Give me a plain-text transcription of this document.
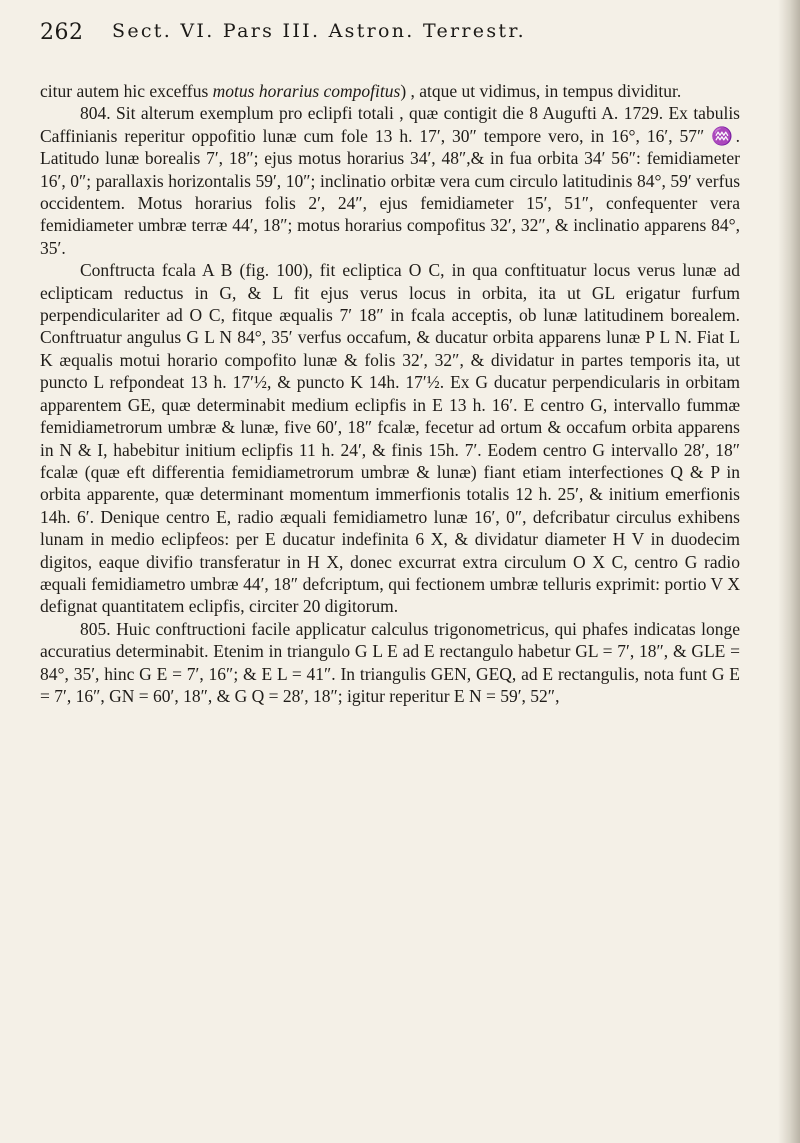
262 Sect. VI. Pars III. Astron. Terrestr.

citur autem hic exceffus motus horarius compofitus) , atque ut vidimus, in tempus dividitur.

804. Sit alterum exemplum pro eclipfi totali , quæ contigit die 8 Augufti A. 1729. Ex tabulis Caffinianis reperitur oppofitio lunæ cum fole 13 h. 17′, 30″ tempore vero, in 16°, 16′, 57″ ♒. Latitudo lunæ borealis 7′, 18″; ejus motus horarius 34′, 48″,& in fua orbita 34′ 56″: femidiameter 16′, 0″; parallaxis horizontalis 59′, 10″; inclinatio orbitæ vera cum circulo latitudinis 84°, 59′ verfus occidentem. Motus horarius folis 2′, 24″, ejus femidiameter 15′, 51″, confequenter vera femidiameter umbræ terræ 44′, 18″; motus horarius compofitus 32′, 32″, & inclinatio apparens 84°, 35′.

Conftructa fcala A B (fig. 100), fit ecliptica O C, in qua conftituatur locus verus lunæ ad eclipticam reductus in G, & L fit ejus verus locus in orbita, ita ut GL erigatur furfum perpendiculariter ad O C, fitque æqualis 7′ 18″ in fcala acceptis, ob lunæ latitudinem borealem. Conftruatur angulus G L N 84°, 35′ verfus occafum, & ducatur orbita apparens lunæ P L N. Fiat L K æqualis motui horario compofito lunæ & folis 32′, 32″, & dividatur in partes temporis ita, ut puncto L refpondeat 13 h. 17′½, & puncto K 14h. 17′½. Ex G ducatur perpendicularis in orbitam apparentem GE, quæ determinabit medium eclipfis in E 13 h. 16′. E centro G, intervallo fummæ femidiametrorum umbræ & lunæ, five 60′, 18″ fcalæ, fecetur ad ortum & occafum orbita apparens in N & I, habebitur initium eclipfis 11 h. 24′, & finis 15h. 7′. Eodem centro G intervallo 28′, 18″ fcalæ (quæ eft differentia femidiametrorum umbræ & lunæ) fiant etiam interfectiones Q & P in orbita apparente, quæ determinant momentum immerfionis totalis 12 h. 25′, & initium emerfionis 14h. 6′. Denique centro E, radio æquali femidiametro lunæ 16′, 0″, defcribatur circulus exhibens lunam in medio eclipfeos: per E ducatur indefinita 6 X, & dividatur diameter H V in duodecim digitos, eaque divifio transferatur in H X, donec excurrat extra circulum O X C, centro G radio æquali femidiametro umbræ 44′, 18″ defcriptum, qui fectionem umbræ telluris exprimit: portio V X defignat quantitatem eclipfis, circiter 20 digitorum.

805. Huic conftructioni facile applicatur calculus trigonometricus, qui phafes indicatas longe accuratius determinabit. Etenim in triangulo G L E ad E rectangulo habetur GL = 7′, 18″, & GLE = 84°, 35′, hinc G E = 7′, 16″; & E L = 41″. In triangulis GEN, GEQ, ad E rectangulis, nota funt G E = 7′, 16″, GN = 60′, 18″, & G Q = 28′, 18″; igitur reperitur E N = 59′, 52″,
